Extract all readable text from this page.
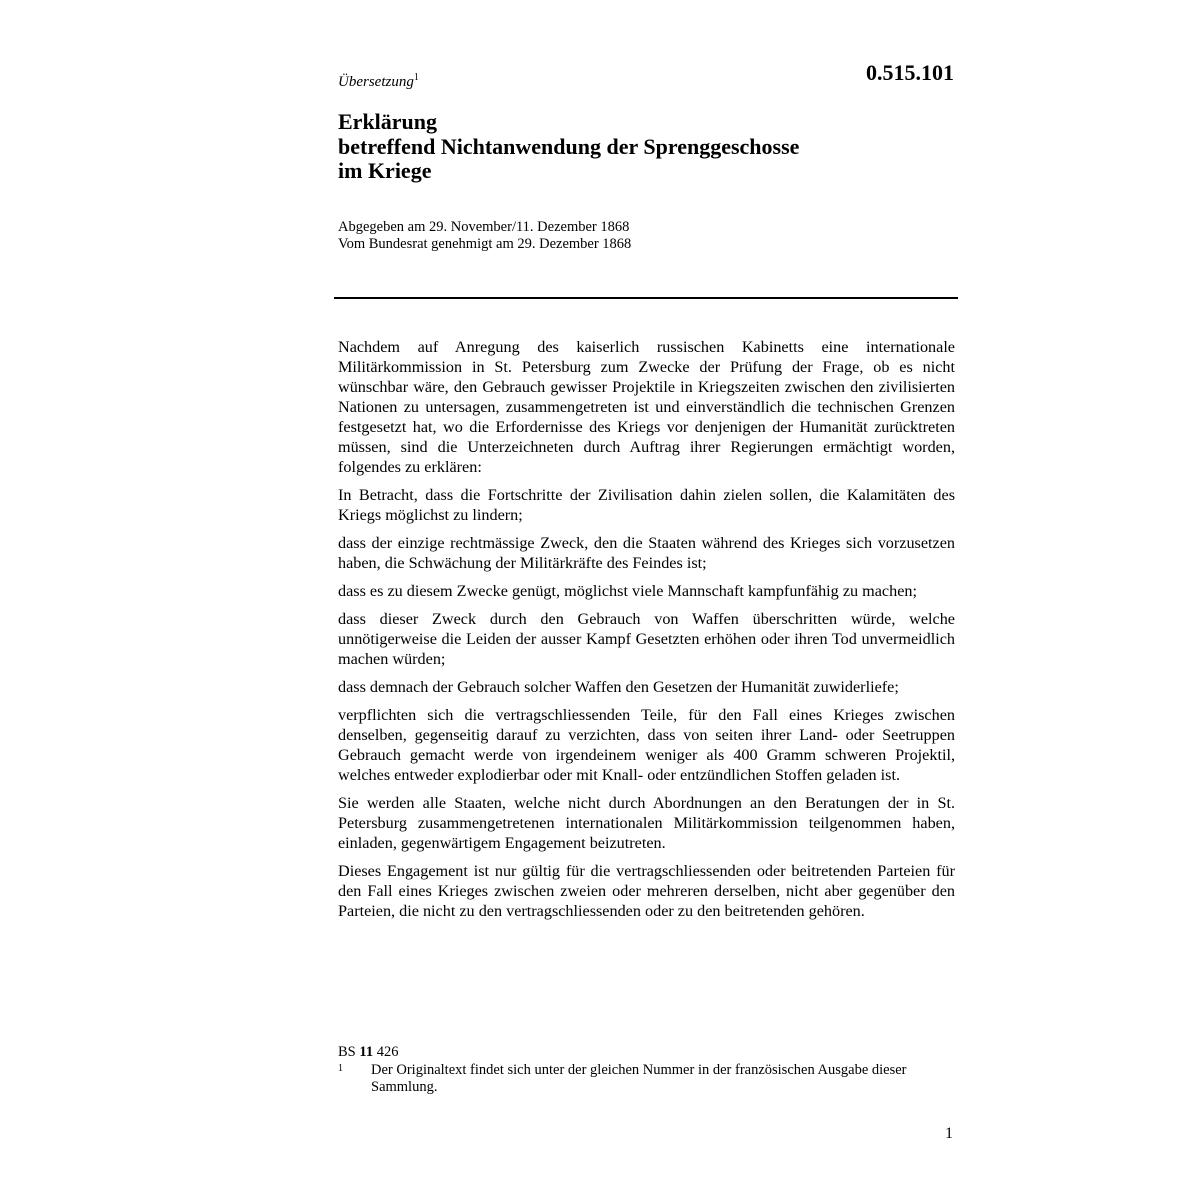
Übersetzung$^1$	0.515.101
Erklärung
betreffend Nichtanwendung der Sprenggeschosse
im Kriege
Abgegeben am 29. November/11. Dezember 1868
Vom Bundesrat genehmigt am 29. Dezember 1868

Nachdem auf Anregung des kaiserlich russischen Kabinetts eine internationale Militärkommission in St. Petersburg zum Zwecke der Prüfung der Frage, ob es nicht wünschbar wäre, den Gebrauch gewisser Projektile in Kriegszeiten zwischen den zivilisierten Nationen zu untersagen, zusammengetreten ist und einverständlich die technischen Grenzen festgesetzt hat, wo die Erfordernisse des Kriegs vor denjenigen der Humanität zurücktreten müssen, sind die Unterzeichneten durch Auftrag ihrer Regierungen ermächtigt worden, folgendes zu erklären:

In Betracht, dass die Fortschritte der Zivilisation dahin zielen sollen, die Kalamitäten des Kriegs möglichst zu lindern;

dass der einzige rechtmässige Zweck, den die Staaten während des Krieges sich vorzusetzen haben, die Schwächung der Militärkräfte des Feindes ist;

dass es zu diesem Zwecke genügt, möglichst viele Mannschaft kampfunfähig zu machen;

dass dieser Zweck durch den Gebrauch von Waffen überschritten würde, welche unnötigerweise die Leiden der ausser Kampf Gesetzten erhöhen oder ihren Tod unvermeidlich machen würden;

dass demnach der Gebrauch solcher Waffen den Gesetzen der Humanität zuwiderliefe;

verpflichten sich die vertragschliessenden Teile, für den Fall eines Krieges zwischen denselben, gegenseitig darauf zu verzichten, dass von seiten ihrer Land- oder Seetruppen Gebrauch gemacht werde von irgendeinem weniger als 400 Gramm schweren Projektil, welches entweder explodierbar oder mit Knall- oder entzündlichen Stoffen geladen ist.

Sie werden alle Staaten, welche nicht durch Abordnungen an den Beratungen der in St. Petersburg zusammengetretenen internationalen Militärkommission teilgenommen haben, einladen, gegenwärtigem Engagement beizutreten.

Dieses Engagement ist nur gültig für die vertragschliessenden oder beitretenden Parteien für den Fall eines Krieges zwischen zweien oder mehreren derselben, nicht aber gegenüber den Parteien, die nicht zu den vertragschliessenden oder zu den beitretenden gehören.

BS 11 426
1	Der Originaltext findet sich unter der gleichen Nummer in der französischen Ausgabe dieser Sammlung.
1
